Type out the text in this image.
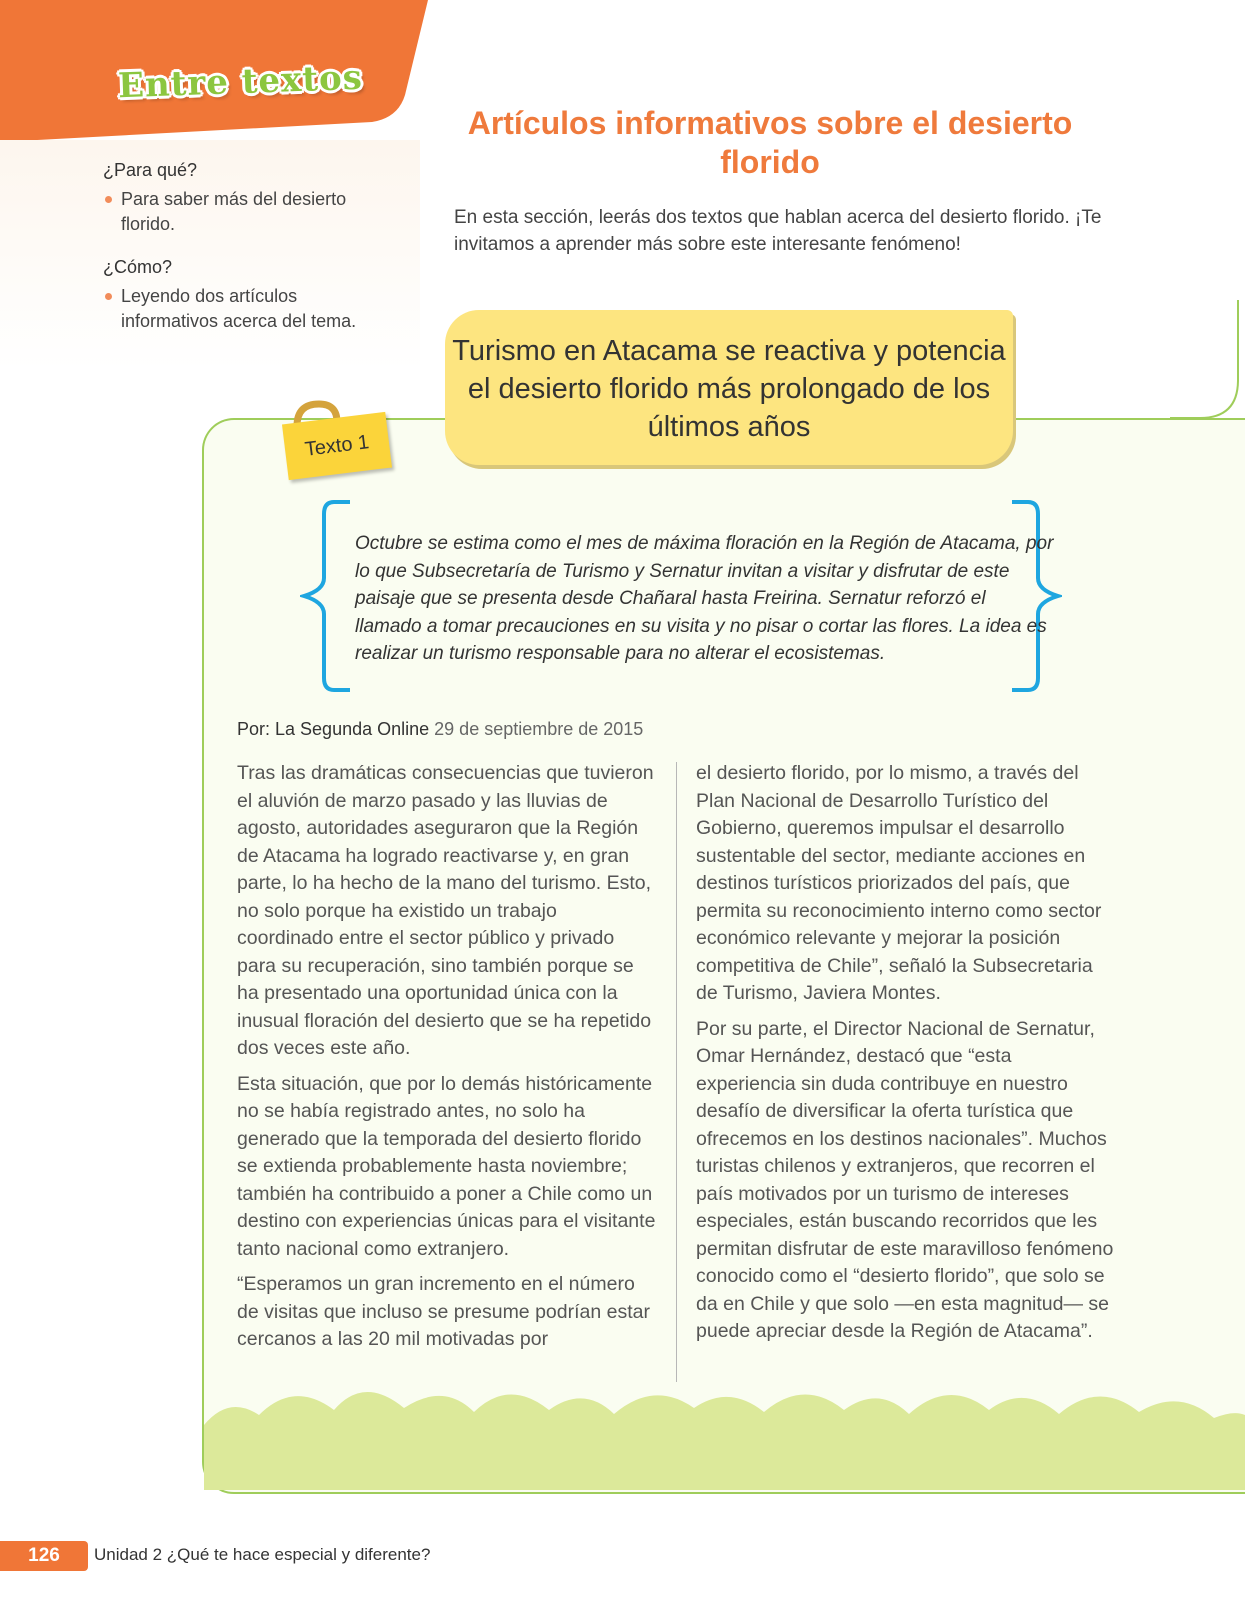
Entre textos

¿Para qué?

Para saber más del desierto florido.

¿Cómo?

Leyendo dos artículos informativos acerca del tema.
Artículos informativos sobre el desierto florido

En esta sección, leerás dos textos que hablan acerca del desierto florido. ¡Te invitamos a aprender más sobre este interesante fenómeno!

Turismo en Atacama se reactiva y potencia el desierto florido más prolongado de los últimos años

Texto 1

Octubre se estima como el mes de máxima floración en la Región de Atacama, por lo que Subsecretaría de Turismo y Sernatur invitan a visitar y disfrutar de este paisaje que se presenta desde Chañaral hasta Freirina. Sernatur reforzó el llamado a tomar precauciones en su visita y no pisar o cortar las flores. La idea es realizar un turismo responsable para no alterar el ecosistemas.

Por: La Segunda Online 29 de septiembre de 2015

Tras las dramáticas consecuencias que tuvieron el aluvión de marzo pasado y las lluvias de agosto, autoridades aseguraron que la Región de Atacama ha logrado reactivarse y, en gran parte, lo ha hecho de la mano del turismo. Esto, no solo porque ha existido un trabajo coordinado entre el sector público y privado para su recuperación, sino también porque se ha presentado una oportunidad única con la inusual floración del desierto que se ha repetido dos veces este año.

Esta situación, que por lo demás históricamente no se había registrado antes, no solo ha generado que la temporada del desierto florido se extienda probablemente hasta noviembre; también ha contribuido a poner a Chile como un destino con experiencias únicas para el visitante tanto nacional como extranjero.

“Esperamos un gran incremento en el número de visitas que incluso se presume podrían estar cercanos a las 20 mil motivadas por

el desierto florido, por lo mismo, a través del Plan Nacional de Desarrollo Turístico del Gobierno, queremos impulsar el desarrollo sustentable del sector, mediante acciones en destinos turísticos priorizados del país, que permita su reconocimiento interno como sector económico relevante y mejorar la posición competitiva de Chile”, señaló la Subsecretaria de Turismo, Javiera Montes.

Por su parte, el Director Nacional de Sernatur, Omar Hernández, destacó que “esta experiencia sin duda contribuye en nuestro desafío de diversificar la oferta turística que ofrecemos en los destinos nacionales”. Muchos turistas chilenos y extranjeros, que recorren el país motivados por un turismo de intereses especiales, están buscando recorridos que les permitan disfrutar de este maravilloso fenómeno conocido como el “desierto florido”, que solo se da en Chile y que solo —en esta magnitud— se puede apreciar desde la Región de Atacama”.

126	Unidad 2 ¿Qué te hace especial y diferente?
